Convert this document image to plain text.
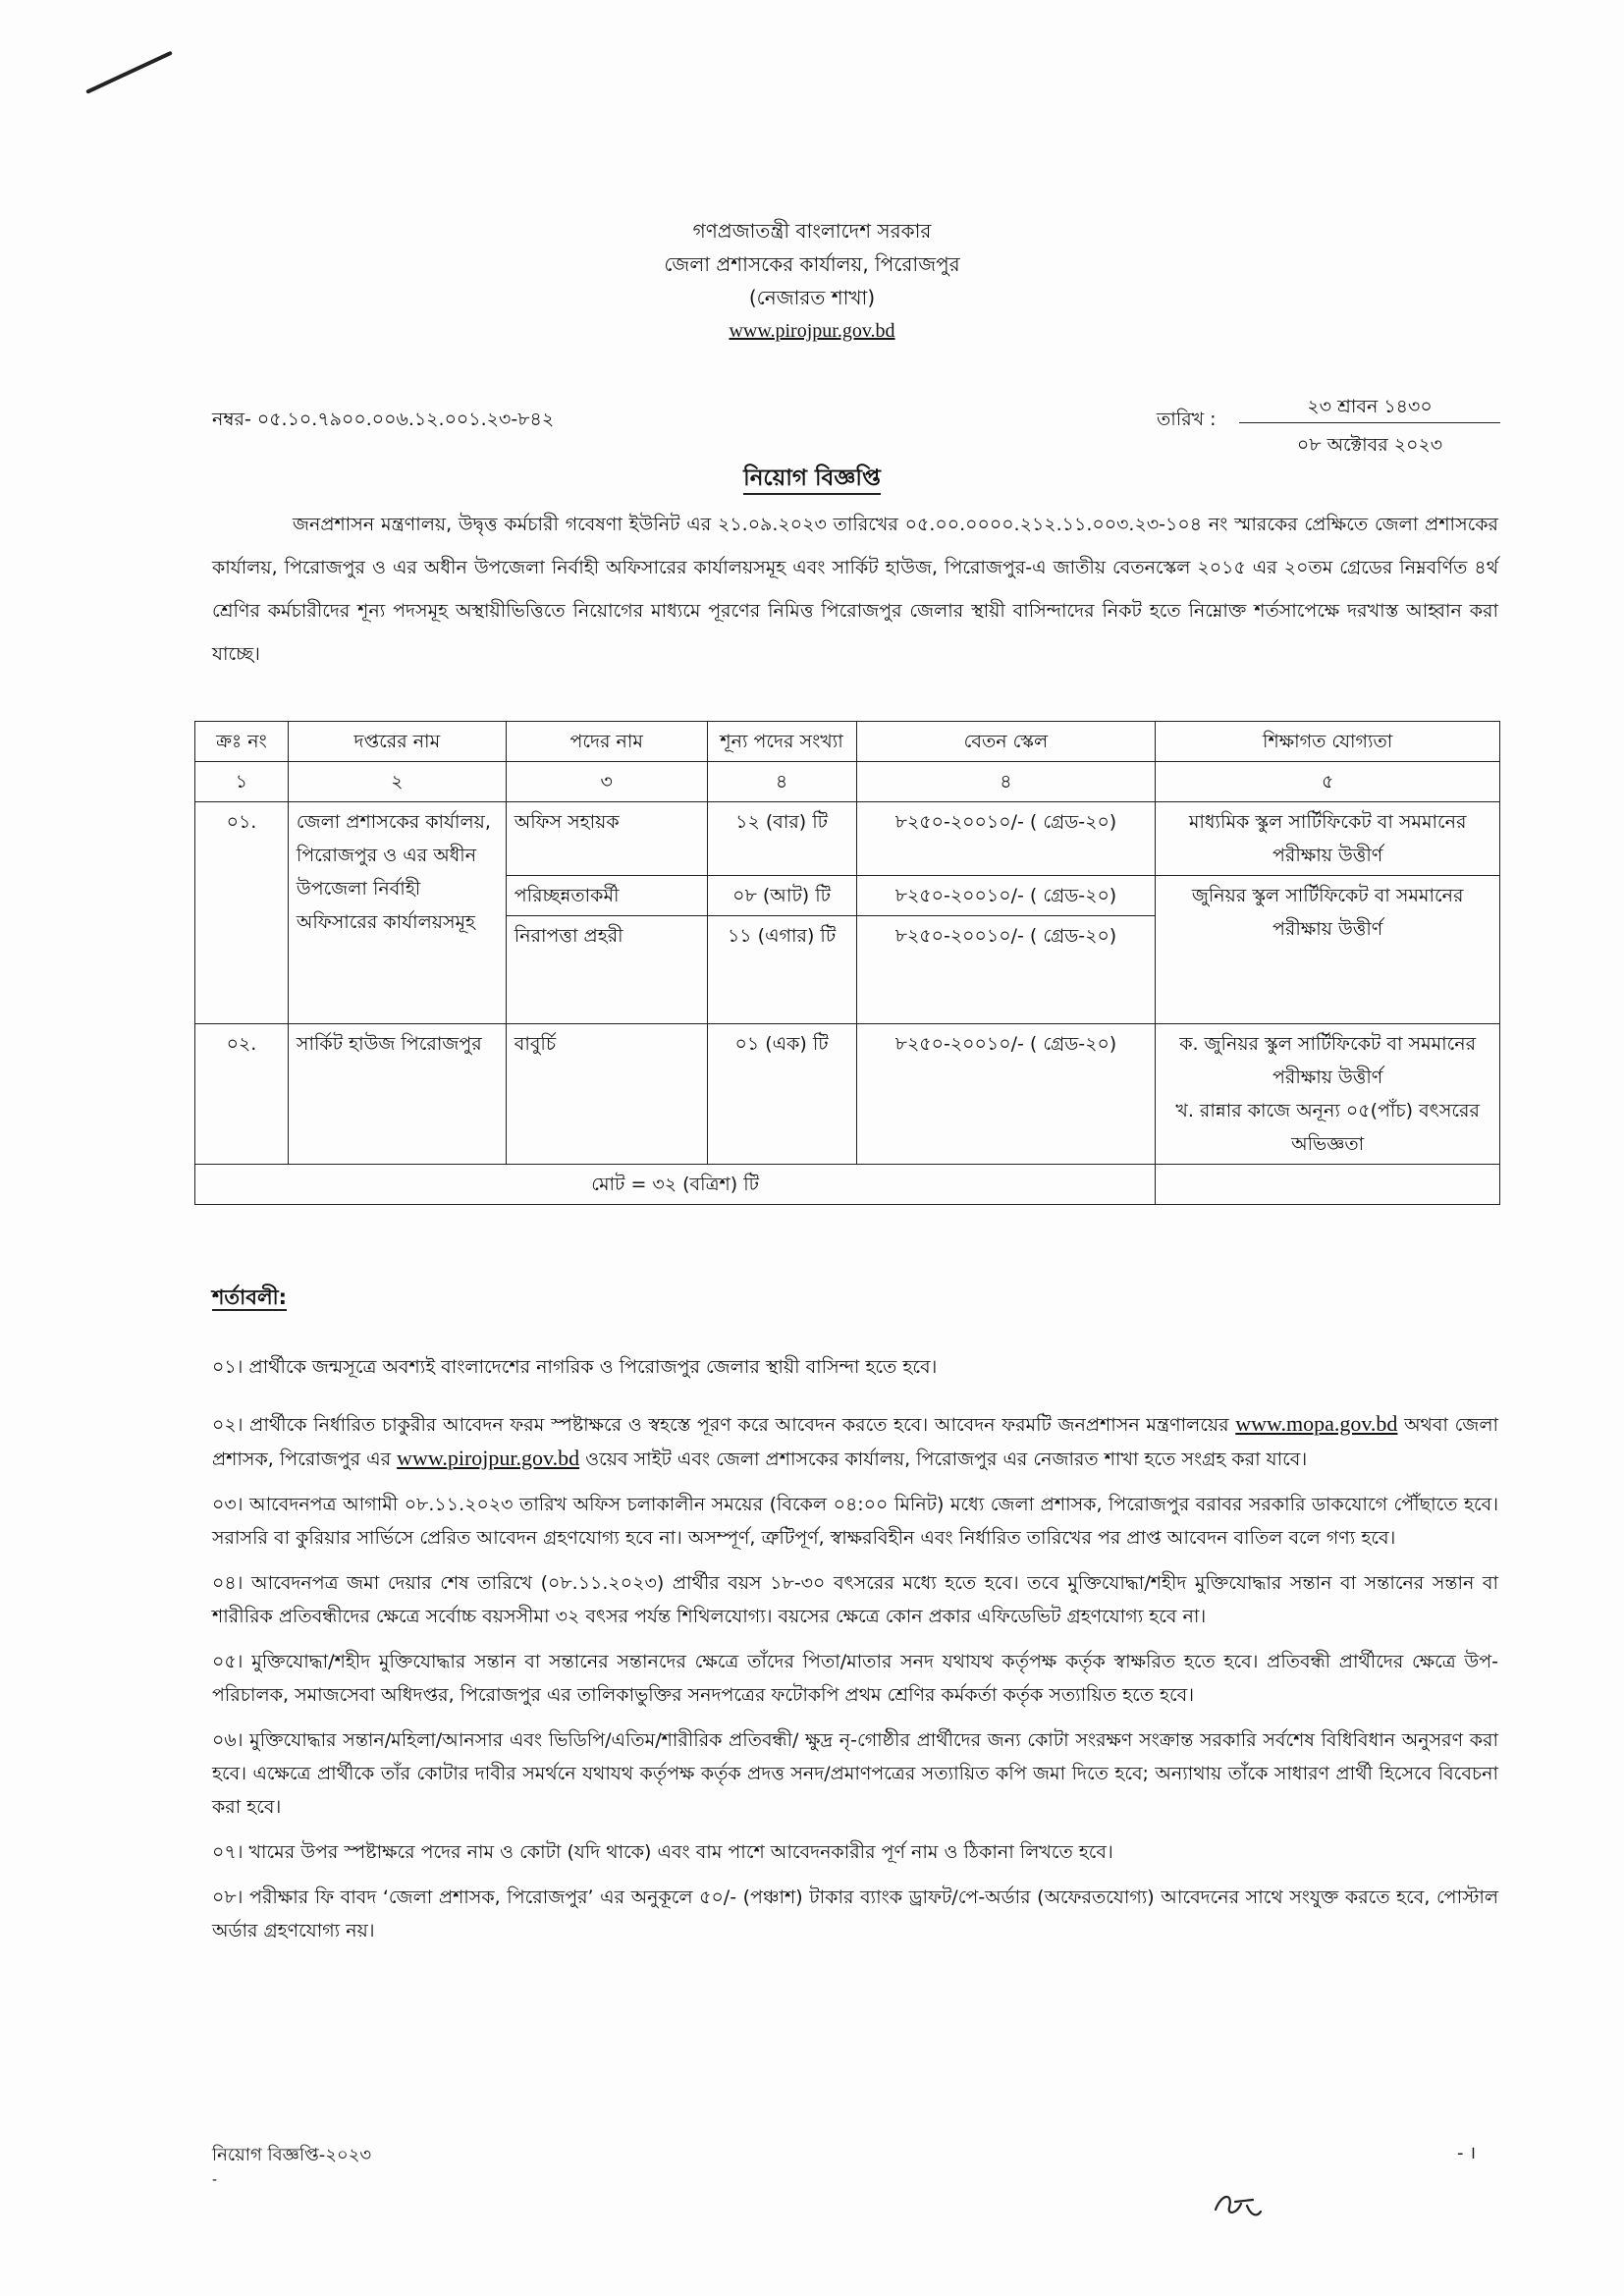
গণপ্রজাতন্ত্রী বাংলাদেশ সরকার
জেলা প্রশাসকের কার্যালয়, পিরোজপুর
(নেজারত শাখা)
www.pirojpur.gov.bd
নম্বর- ০৫.১০.৭৯০০.০০৬.১২.০০১.২৩-৮৪২	তারিখ :
২৩ শ্রাবন ১৪৩০
০৮ অক্টোবর ২০২৩
নিয়োগ বিজ্ঞপ্তি

জনপ্রশাসন মন্ত্রণালয়, উদ্বৃত্ত কর্মচারী গবেষণা ইউনিট এর ২১.০৯.২০২৩ তারিখের ০৫.০০.০০০০.২১২.১১.০০৩.২৩-১০৪ নং স্মারকের প্রেক্ষিতে জেলা প্রশাসকের কার্যালয়, পিরোজপুর ও এর অধীন উপজেলা নির্বাহী অফিসারের কার্যালয়সমূহ এবং সার্কিট হাউজ, পিরোজপুর-এ জাতীয় বেতনস্কেল ২০১৫ এর ২০তম গ্রেডের নিম্নবর্ণিত ৪র্থ শ্রেণির কর্মচারীদের শূন্য পদসমূহ অস্থায়ীভিত্তিতে নিয়োগের মাধ্যমে পূরণের নিমিত্ত পিরোজপুর জেলার স্থায়ী বাসিন্দাদের নিকট হতে নিম্নোক্ত শর্তসাপেক্ষে দরখাস্ত আহ্বান করা যাচ্ছে।

ক্রঃ নং	দপ্তরের নাম	পদের নাম	শূন্য পদের সংখ্যা	বেতন স্কেল	শিক্ষাগত যোগ্যতা
১	২	৩	৪	৪	৫
০১.	জেলা প্রশাসকের কার্যালয়, পিরোজপুর ও এর অধীন উপজেলা নির্বাহী অফিসারের কার্যালয়সমূহ	অফিস সহায়ক	১২ (বার) টি	৮২৫০-২০০১০/- ( গ্রেড-২০)	মাধ্যমিক স্কুল সার্টিফিকেট বা সমমানের পরীক্ষায় উত্তীর্ণ
		পরিচ্ছন্নতাকর্মী	০৮ (আট) টি	৮২৫০-২০০১০/- ( গ্রেড-২০)	জুনিয়র স্কুল সার্টিফিকেট বা সমমানের পরীক্ষায় উত্তীর্ণ
		নিরাপত্তা প্রহরী	১১ (এগার) টি	৮২৫০-২০০১০/- ( গ্রেড-২০)	
০২.	সার্কিট হাউজ পিরোজপুর	বাবুর্চি	০১ (এক) টি	৮২৫০-২০০১০/- ( গ্রেড-২০)	ক. জুনিয়র স্কুল সার্টিফিকেট বা সমমানের পরীক্ষায় উত্তীর্ণ
খ. রান্নার কাজে অনূন্য ০৫(পাঁচ) বৎসরের অভিজ্ঞতা

মোট = ৩২ (বত্রিশ) টি					
শর্তাবলী:

০১। প্রার্থীকে জন্মসূত্রে অবশ্যই বাংলাদেশের নাগরিক ও পিরোজপুর জেলার স্থায়ী বাসিন্দা হতে হবে।

০২। প্রার্থীকে নির্ধারিত চাকুরীর আবেদন ফরম স্পষ্টাক্ষরে ও স্বহস্তে পূরণ করে আবেদন করতে হবে। আবেদন ফরমটি জনপ্রশাসন মন্ত্রণালয়ের www.mopa.gov.bd অথবা জেলা প্রশাসক, পিরোজপুর এর www.pirojpur.gov.bd ওয়েব সাইট এবং জেলা প্রশাসকের কার্যালয়, পিরোজপুর এর নেজারত শাখা হতে সংগ্রহ করা যাবে।

০৩। আবেদনপত্র আগামী ০৮.১১.২০২৩ তারিখ অফিস চলাকালীন সময়ের (বিকেল ০৪:০০ মিনিট) মধ্যে জেলা প্রশাসক, পিরোজপুর বরাবর সরকারি ডাকযোগে পৌঁছাতে হবে। সরাসরি বা কুরিয়ার সার্ভিসে প্রেরিত আবেদন গ্রহণযোগ্য হবে না। অসম্পূর্ণ, ত্রুটিপূর্ণ, স্বাক্ষরবিহীন এবং নির্ধারিত তারিখের পর প্রাপ্ত আবেদন বাতিল বলে গণ্য হবে।

০৪। আবেদনপত্র জমা দেয়ার শেষ তারিখে (০৮.১১.২০২৩) প্রার্থীর বয়স ১৮-৩০ বৎসরের মধ্যে হতে হবে। তবে মুক্তিযোদ্ধা/শহীদ মুক্তিযোদ্ধার সন্তান বা সন্তানের সন্তান বা শারীরিক প্রতিবন্ধীদের ক্ষেত্রে সর্বোচ্চ বয়সসীমা ৩২ বৎসর পর্যন্ত শিথিলযোগ্য। বয়সের ক্ষেত্রে কোন প্রকার এফিডেভিট গ্রহণযোগ্য হবে না।

০৫। মুক্তিযোদ্ধা/শহীদ মুক্তিযোদ্ধার সন্তান বা সন্তানের সন্তানদের ক্ষেত্রে তাঁদের পিতা/মাতার সনদ যথাযথ কর্তৃপক্ষ কর্তৃক স্বাক্ষরিত হতে হবে। প্রতিবন্ধী প্রার্থীদের ক্ষেত্রে উপ-পরিচালক, সমাজসেবা অধিদপ্তর, পিরোজপুর এর তালিকাভুক্তির সনদপত্রের ফটোকপি প্রথম শ্রেণির কর্মকর্তা কর্তৃক সত্যায়িত হতে হবে।

০৬। মুক্তিযোদ্ধার সন্তান/মহিলা/আনসার এবং ভিডিপি/এতিম/শারীরিক প্রতিবন্ধী/ ক্ষুদ্র নৃ-গোষ্ঠীর প্রার্থীদের জন্য কোটা সংরক্ষণ সংক্রান্ত সরকারি সর্বশেষ বিধিবিধান অনুসরণ করা হবে। এক্ষেত্রে প্রার্থীকে তাঁর কোটার দাবীর সমর্থনে যথাযথ কর্তৃপক্ষ কর্তৃক প্রদত্ত সনদ/প্রমাণপত্রের সত্যায়িত কপি জমা দিতে হবে; অন্যাথায় তাঁকে সাধারণ প্রার্থী হিসেবে বিবেচনা করা হবে।

০৭। খামের উপর স্পষ্টাক্ষরে পদের নাম ও কোটা (যদি থাকে) এবং বাম পাশে আবেদনকারীর পূর্ণ নাম ও ঠিকানা লিখতে হবে।

০৮। পরীক্ষার ফি বাবদ ‘জেলা প্রশাসক, পিরোজপুর’ এর অনুকূলে ৫০/- (পঞ্চাশ) টাকার ব্যাংক ড্রাফট/পে-অর্ডার (অফেরতযোগ্য) আবেদনের সাথে সংযুক্ত করতে হবে, পোস্টাল অর্ডার গ্রহণযোগ্য নয়।

নিয়োগ বিজ্ঞপ্তি-২০২৩	- ।
-
